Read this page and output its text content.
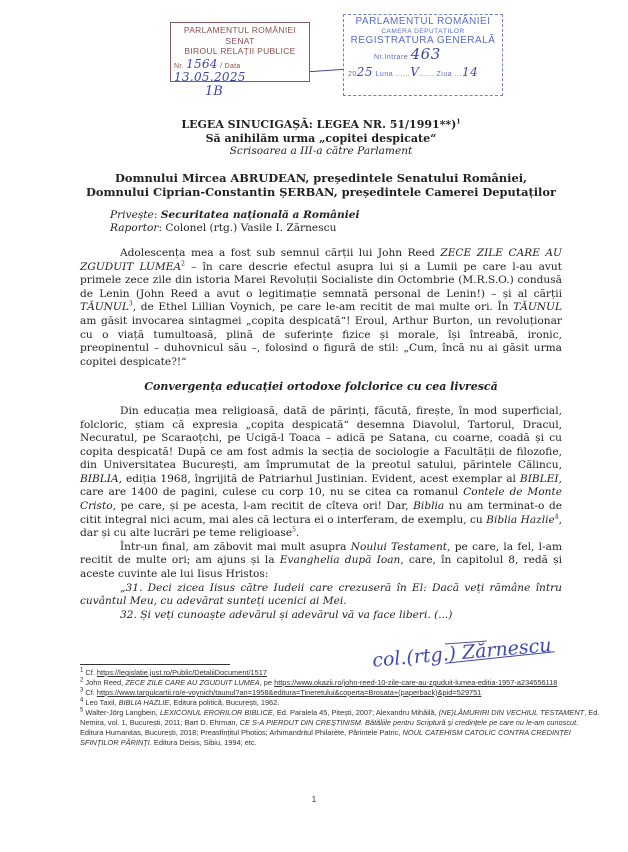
PARLAMENTUL ROMÂNIEI
SENAT
BIROUL RELAȚII PUBLICE
Nr. 1564 / Data 13.05.2025
1B
PARLAMENTUL ROMÂNIEI
CAMERA DEPUTAȚILOR
REGISTRATURA GENERALĂ
Nr.Intrare 463
2025 Luna ......V...... Ziua ...14
LEGEA SINUCIGAȘĂ: LEGEA NR. 51/1991**)$^1$
Să anihilăm urma „copitei despicate“
Scrisoarea a III-a către Parlament
Domnului Mircea ABRUDEAN, președintele Senatului României,
Domnului Ciprian-Constantin ȘERBAN, președintele Camerei Deputaților
Privește: Securitatea națională a României
Raportor: Colonel (rtg.) Vasile I. Zărnescu

Adolescența mea a fost sub semnul cărții lui John Reed ZECE ZILE CARE AU ZGUDUIT LUMEA$^2$ – în care descrie efectul asupra lui și a Lumii pe care l-au avut primele zece zile din istoria Marei Revoluții Socialiste din Octombrie (M.R.S.O.) condusă de Lenin (John Reed a avut o legitimație semnată personal de Lenin!) – și al cărții TĂUNUL$^3$, de Ethel Lillian Voynich, pe care le-am recitit de mai multe ori. În TĂUNUL am găsit invocarea sintagmei „copita despicată“! Eroul, Arthur Burton, un revoluționar cu o viață tumultoasă, plină de suferințe fizice și morale, își întreabă, ironic, preopinentul – duhovnicul său –, folosind o figură de stil: „Cum, încă nu ai găsit urma copitei despicate?!“

Convergența educației ortodoxe folclorice cu cea livrescă

Din educația mea religioasă, dată de părinți, făcută, firește, în mod superficial, folcloric, știam că expresia „copita despicată“ desemna Diavolul, Tartorul, Dracul, Necuratul, pe Scaraoțchi, pe Ucigă-l Toaca – adică pe Satana, cu coarne, coadă și cu copita despicată! După ce am fost admis la secția de sociologie a Facultății de filozofie, din Universitatea București, am împrumutat de la preotul satului, părintele Călincu, BIBLIA, ediția 1968, îngrijită de Patriarhul Justinian. Evident, acest exemplar al BIBLEI, care are 1400 de pagini, culese cu corp 10, nu se citea ca romanul Contele de Monte Cristo, pe care, și pe acesta, l-am recitit de cîteva ori! Dar, Biblia nu am terminat-o de citit integral nici acum, mai ales că lectura ei o interferam, de exemplu, cu Biblia Hazlie$^4$, dar și cu alte lucrări pe teme religioase$^5$.

Într-un final, am zăbovit mai mult asupra Noului Testament, pe care, la fel, l-am recitit de multe ori; am ajuns și la Evanghelia după Ioan, care, în capitolul 8, redă și aceste cuvinte ale lui Iisus Hristos:

„31. Deci zicea Iisus către Iudeii care crezuseră în El: Dacă veți rămâne întru cuvântul Meu, cu adevărat sunteți ucenici ai Mei.

32. Și veți cunoaște adevărul și adevărul vă va face liberi. (...)

col.(rtg.) Zărnescu
$^1$ Cf. https://legislatie.just.ro/Public/DetaliiDocument/1517
$^2$ John Reed, ZECE ZILE CARE AU ZGUDUIT LUMEA, pe https://www.okazii.ro/john-reed-10-zile-care-au-zguduit-lumea-editia-1957-a234556118
$^3$ Cf. https://www.targulcartii.ro/e-voynich/taunul?an=1958&editura=Tineretului&coperta=Brosata+(paperback)&pid=529751
$^4$ Leo Taxil, BIBLIA HAZLIE, Editura politică, București, 1962.
$^5$ Walter-Jörg Langbein, LEXICONUL ERORILOR BIBLICE, Ed. Paralela 45, Pitești, 2007; Alexandru Mihăilă, (NE)LĂMURIRI DIN VECHIUL TESTAMENT, Ed. Nemira, vol. 1, București, 2011; Bart D. Ehrman, CE S-A PIERDUT DIN CREȘTINISM. Bătăliile pentru Scriptură și credințele pe care nu le-am cunoscut. Editura Humanitas, București, 2018; Preasfințitul Photios; Arhimandritul Philarète, Părintele Patric, NOUL CATEHISM CATOLIC CONTRA CREDINȚEI SFINȚILOR PĂRINȚI. Editura Deisis, Sibiu, 1994; etc.
1
